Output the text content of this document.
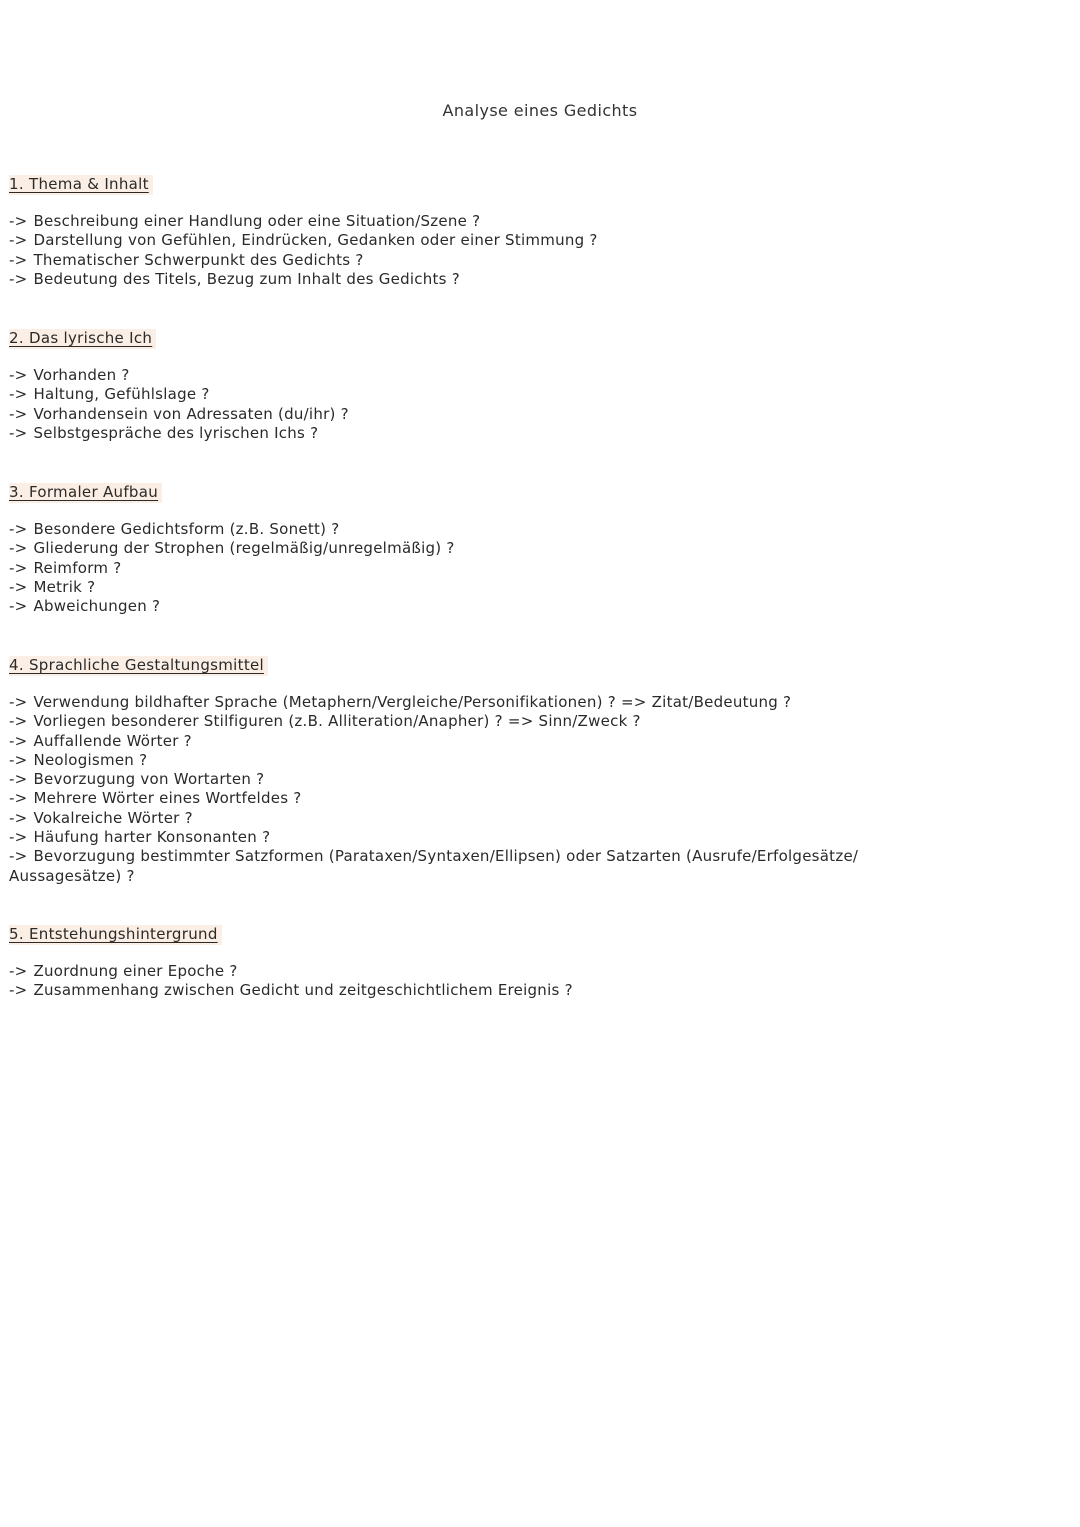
Analyse eines Gedichts
1. Thema & Inhalt
-> Beschreibung einer Handlung oder eine Situation/Szene ?
-> Darstellung von Gefühlen, Eindrücken, Gedanken oder einer Stimmung ?
-> Thematischer Schwerpunkt des Gedichts ?
-> Bedeutung des Titels, Bezug zum Inhalt des Gedichts ?
2. Das lyrische Ich
-> Vorhanden ?
-> Haltung, Gefühlslage ?
-> Vorhandensein von Adressaten (du/ihr) ?
-> Selbstgespräche des lyrischen Ichs ?
3. Formaler Aufbau
-> Besondere Gedichtsform (z.B. Sonett) ?
-> Gliederung der Strophen (regelmäßig/unregelmäßig) ?
-> Reimform ?
-> Metrik ?
-> Abweichungen ?
4. Sprachliche Gestaltungsmittel
-> Verwendung bildhafter Sprache (Metaphern/Vergleiche/Personifikationen) ? => Zitat/Bedeutung ?
-> Vorliegen besonderer Stilfiguren (z.B. Alliteration/Anapher) ? => Sinn/Zweck ?
-> Auffallende Wörter ?
-> Neologismen ?
-> Bevorzugung von Wortarten ?
-> Mehrere Wörter eines Wortfeldes ?
-> Vokalreiche Wörter ?
-> Häufung harter Konsonanten ?
-> Bevorzugung bestimmter Satzformen (Parataxen/Syntaxen/Ellipsen) oder Satzarten (Ausrufe/Erfolgesätze/
Aussagesätze) ?
5. Entstehungshintergrund
-> Zuordnung einer Epoche ?
-> Zusammenhang zwischen Gedicht und zeitgeschichtlichem Ereignis ?
